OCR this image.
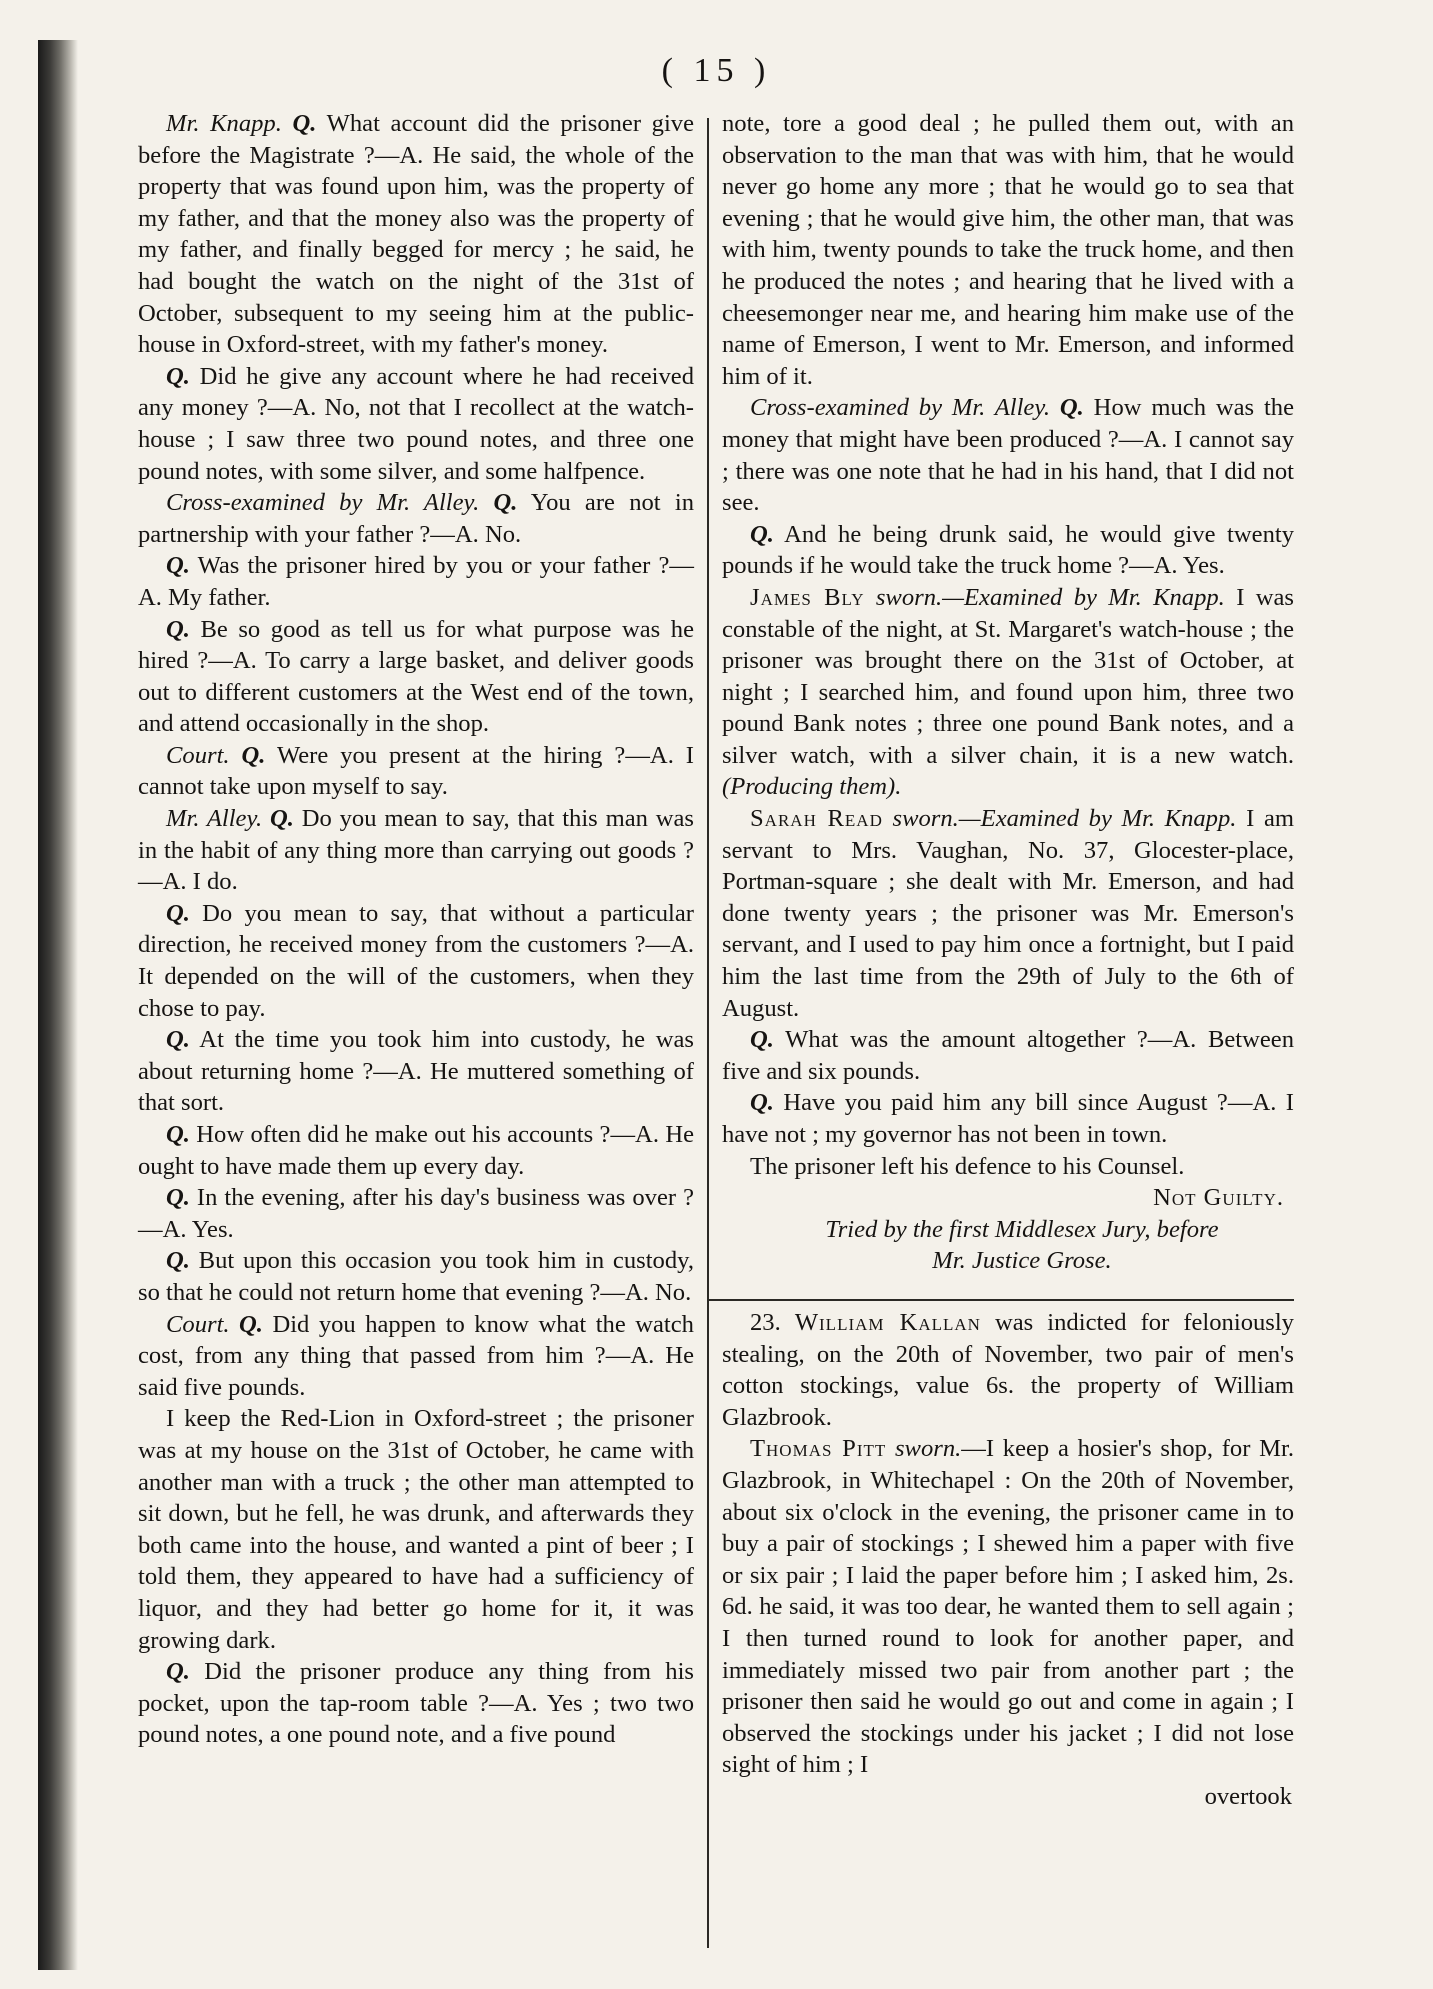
( 15 )

Mr. Knapp. Q. What account did the prisoner give before the Magistrate ?—A. He said, the whole of the property that was found upon him, was the property of my father, and that the money also was the property of my father, and finally begged for mercy ; he said, he had bought the watch on the night of the 31st of October, subsequent to my seeing him at the public-house in Oxford-street, with my father's money.

Q. Did he give any account where he had received any money ?—A. No, not that I recollect at the watch-house ; I saw three two pound notes, and three one pound notes, with some silver, and some halfpence.

Cross-examined by Mr. Alley. Q. You are not in partnership with your father ?—A. No.

Q. Was the prisoner hired by you or your father ?—A. My father.

Q. Be so good as tell us for what purpose was he hired ?—A. To carry a large basket, and deliver goods out to different customers at the West end of the town, and attend occasionally in the shop.

Court. Q. Were you present at the hiring ?—A. I cannot take upon myself to say.

Mr. Alley. Q. Do you mean to say, that this man was in the habit of any thing more than carrying out goods ?—A. I do.

Q. Do you mean to say, that without a particular direction, he received money from the customers ?—A. It depended on the will of the customers, when they chose to pay.

Q. At the time you took him into custody, he was about returning home ?—A. He muttered something of that sort.

Q. How often did he make out his accounts ?—A. He ought to have made them up every day.

Q. In the evening, after his day's business was over ?—A. Yes.

Q. But upon this occasion you took him in custody, so that he could not return home that evening ?—A. No.

Court. Q. Did you happen to know what the watch cost, from any thing that passed from him ?—A. He said five pounds.

I keep the Red-Lion in Oxford-street ; the prisoner was at my house on the 31st of October, he came with another man with a truck ; the other man attempted to sit down, but he fell, he was drunk, and afterwards they both came into the house, and wanted a pint of beer ; I told them, they appeared to have had a sufficiency of liquor, and they had better go home for it, it was growing dark.

Q. Did the prisoner produce any thing from his pocket, upon the tap-room table ?—A. Yes ; two two pound notes, a one pound note, and a five pound

note, tore a good deal ; he pulled them out, with an observation to the man that was with him, that he would never go home any more ; that he would go to sea that evening ; that he would give him, the other man, that was with him, twenty pounds to take the truck home, and then he produced the notes ; and hearing that he lived with a cheesemonger near me, and hearing him make use of the name of Emerson, I went to Mr. Emerson, and informed him of it.

Cross-examined by Mr. Alley. Q. How much was the money that might have been produced ?—A. I cannot say ; there was one note that he had in his hand, that I did not see.

Q. And he being drunk said, he would give twenty pounds if he would take the truck home ?—A. Yes.

James Bly sworn.—Examined by Mr. Knapp. I was constable of the night, at St. Margaret's watch-house ; the prisoner was brought there on the 31st of October, at night ; I searched him, and found upon him, three two pound Bank notes ; three one pound Bank notes, and a silver watch, with a silver chain, it is a new watch. (Producing them).

Sarah Read sworn.—Examined by Mr. Knapp. I am servant to Mrs. Vaughan, No. 37, Glocester-place, Portman-square ; she dealt with Mr. Emerson, and had done twenty years ; the prisoner was Mr. Emerson's servant, and I used to pay him once a fortnight, but I paid him the last time from the 29th of July to the 6th of August.

Q. What was the amount altogether ?—A. Between five and six pounds.

Q. Have you paid him any bill since August ?—A. I have not ; my governor has not been in town.

The prisoner left his defence to his Counsel.

Not Guilty.

Tried by the first Middlesex Jury, before

Mr. Justice Grose.

23. William Kallan was indicted for feloniously stealing, on the 20th of November, two pair of men's cotton stockings, value 6s. the property of William Glazbrook.

Thomas Pitt sworn.—I keep a hosier's shop, for Mr. Glazbrook, in Whitechapel : On the 20th of November, about six o'clock in the evening, the prisoner came in to buy a pair of stockings ; I shewed him a paper with five or six pair ; I laid the paper before him ; I asked him, 2s. 6d. he said, it was too dear, he wanted them to sell again ; I then turned round to look for another paper, and immediately missed two pair from another part ; the prisoner then said he would go out and come in again ; I observed the stockings under his jacket ; I did not lose sight of him ; I

overtook
